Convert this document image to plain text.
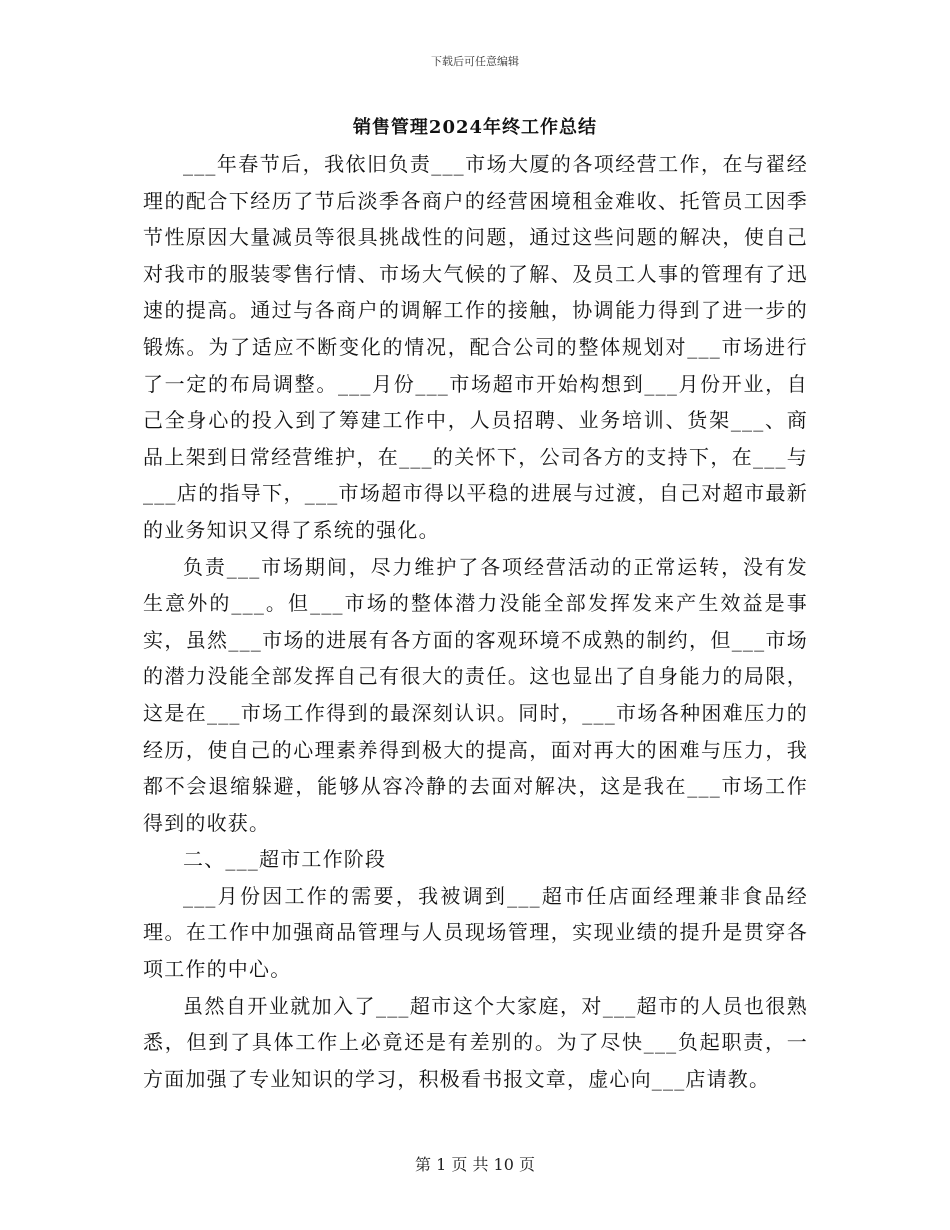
下载后可任意编辑
销售管理2024年终工作总结

___年春节后，我依旧负责___市场大厦的各项经营工作，在与翟经理的配合下经历了节后淡季各商户的经营困境租金难收、托管员工因季节性原因大量减员等很具挑战性的问题，通过这些问题的解决，使自己对我市的服装零售行情、市场大气候的了解、及员工人事的管理有了迅速的提高。通过与各商户的调解工作的接触，协调能力得到了进一步的锻炼。为了适应不断变化的情况，配合公司的整体规划对___市场进行了一定的布局调整。___月份___市场超市开始构想到___月份开业，自己全身心的投入到了筹建工作中，人员招聘、业务培训、货架___、商品上架到日常经营维护，在___的关怀下，公司各方的支持下，在___与___店的指导下，___市场超市得以平稳的进展与过渡，自己对超市最新的业务知识又得了系统的强化。

负责___市场期间，尽力维护了各项经营活动的正常运转，没有发生意外的___。但___市场的整体潜力没能全部发挥发来产生效益是事实，虽然___市场的进展有各方面的客观环境不成熟的制约，但___市场的潜力没能全部发挥自己有很大的责任。这也显出了自身能力的局限，这是在___市场工作得到的最深刻认识。同时，___市场各种困难压力的经历，使自己的心理素养得到极大的提高，面对再大的困难与压力，我都不会退缩躲避，能够从容冷静的去面对解决，这是我在___市场工作得到的收获。

二、___超市工作阶段

___月份因工作的需要，我被调到___超市任店面经理兼非食品经理。在工作中加强商品管理与人员现场管理，实现业绩的提升是贯穿各项工作的中心。

虽然自开业就加入了___超市这个大家庭，对___超市的人员也很熟悉，但到了具体工作上必竟还是有差别的。为了尽快___负起职责，一方面加强了专业知识的学习，积极看书报文章，虚心向___店请教。

第 1 页 共 10 页
